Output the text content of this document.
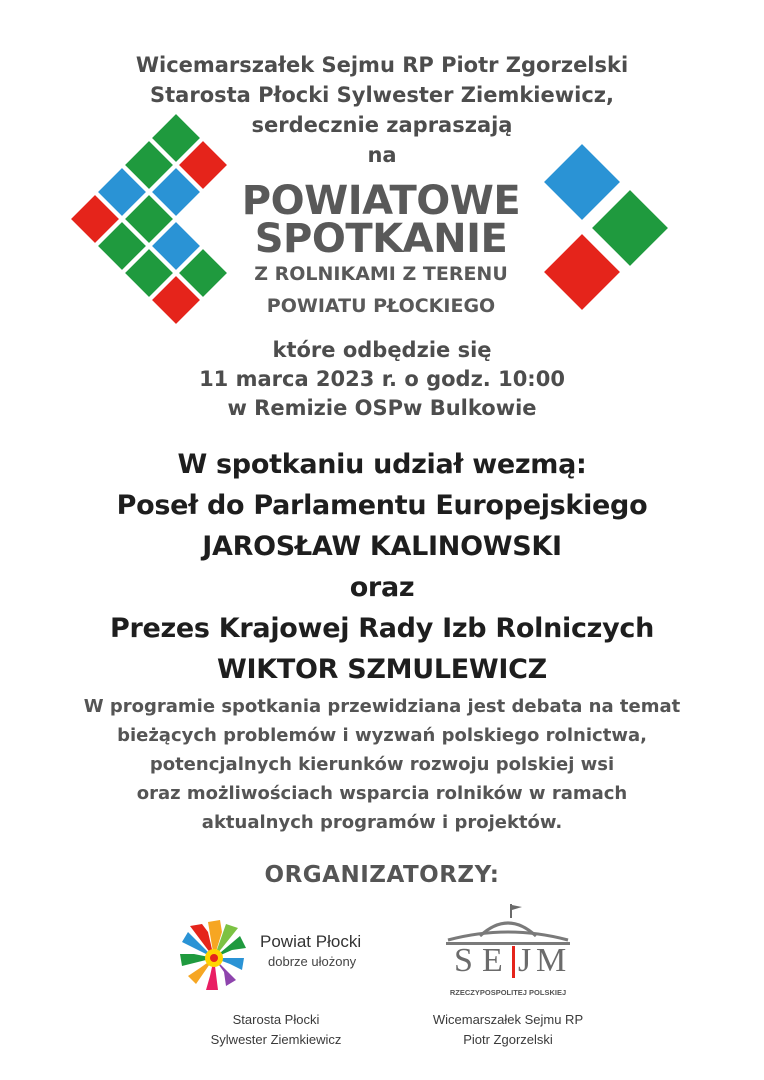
Wicemarszałek Sejmu RP Piotr Zgorzelski
Starosta Płocki Sylwester Ziemkiewicz,
serdecznie zapraszają
na
POWIATOWE
SPOTKANIE
Z ROLNIKAMI Z TERENU
POWIATU PŁOCKIEGO
które odbędzie się
11 marca 2023 r. o godz. 10:00
w Remizie OSPw Bulkowie
W spotkaniu udział wezmą:
Poseł do Parlamentu Europejskiego
JAROSŁAW KALINOWSKI
oraz
Prezes Krajowej Rady Izb Rolniczych
WIKTOR SZMULEWICZ
W programie spotkania przewidziana jest debata na temat
bieżących problemów i wyzwań polskiego rolnictwa,
potencjalnych kierunków rozwoju polskiej wsi
oraz możliwościach wsparcia rolników w ramach
aktualnych programów i projektów.
ORGANIZATORZY:
Powiat Płocki
dobrze ułożony	S E J M
RZECZYPOSPOLITEJ POLSKIEJ
Starosta Płocki
Sylwester Ziemkiewicz
Wicemarszałek Sejmu RP
Piotr Zgorzelski
